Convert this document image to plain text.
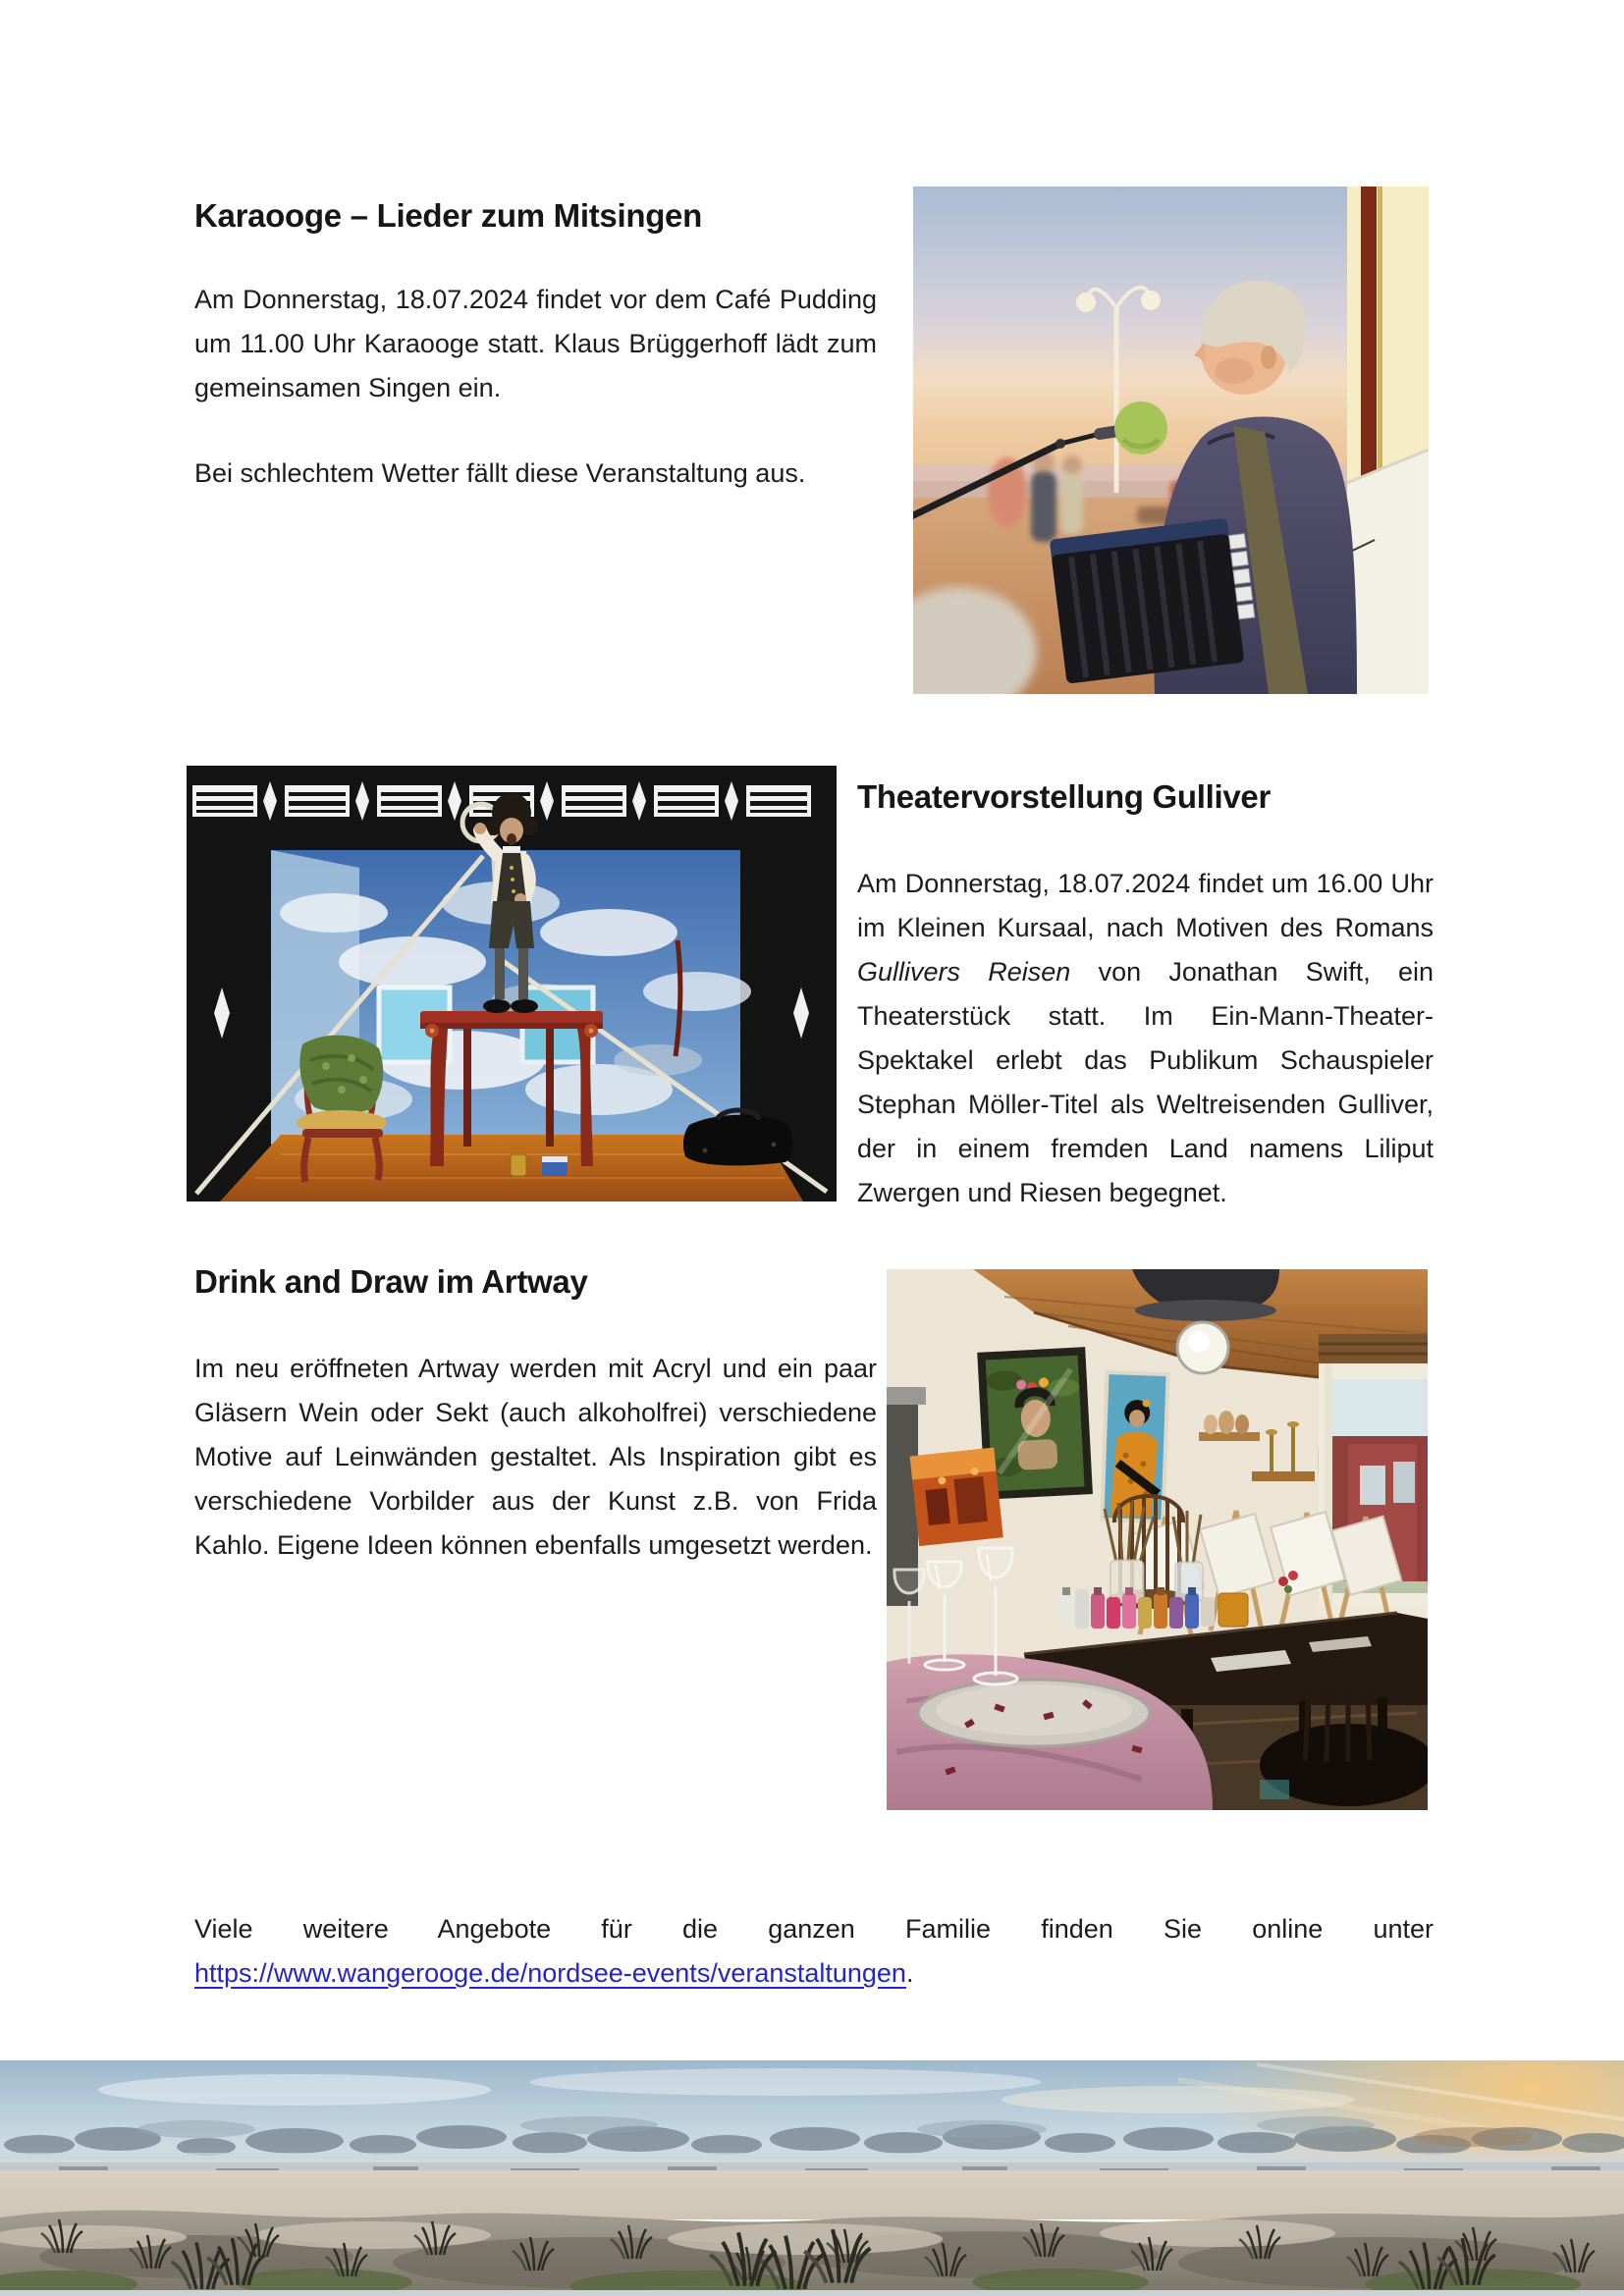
Karaooge – Lieder zum Mitsingen
Am Donnerstag, 18.07.2024 findet vor dem Café Pudding um 11.00 Uhr Karaooge statt. Klaus Brüggerhoff lädt zum gemeinsamen Singen ein.
Bei schlechtem Wetter fällt diese Veranstaltung aus.
Theatervorstellung Gulliver
Am Donnerstag, 18.07.2024 findet um 16.00 Uhr im Kleinen Kursaal, nach Motiven des Romans Gullivers Reisen von Jonathan Swift, ein Theaterstück statt. Im Ein-Mann-Theater-Spektakel erlebt das Publikum Schauspieler Stephan Möller-Titel als Weltreisenden Gulliver, der in einem fremden Land namens Liliput Zwergen und Riesen begegnet.
Drink and Draw im Artway
Im neu eröffneten Artway werden mit Acryl und ein paar Gläsern Wein oder Sekt (auch alkoholfrei) verschiedene Motive auf Leinwänden gestaltet. Als Inspiration gibt es verschiedene Vorbilder aus der Kunst z.B. von Frida Kahlo. Eigene Ideen können ebenfalls umgesetzt werden.
Viele weitere Angebote für die ganzen Familie finden Sie online unter
https://www.wangerooge.de/nordsee-events/veranstaltungen.
